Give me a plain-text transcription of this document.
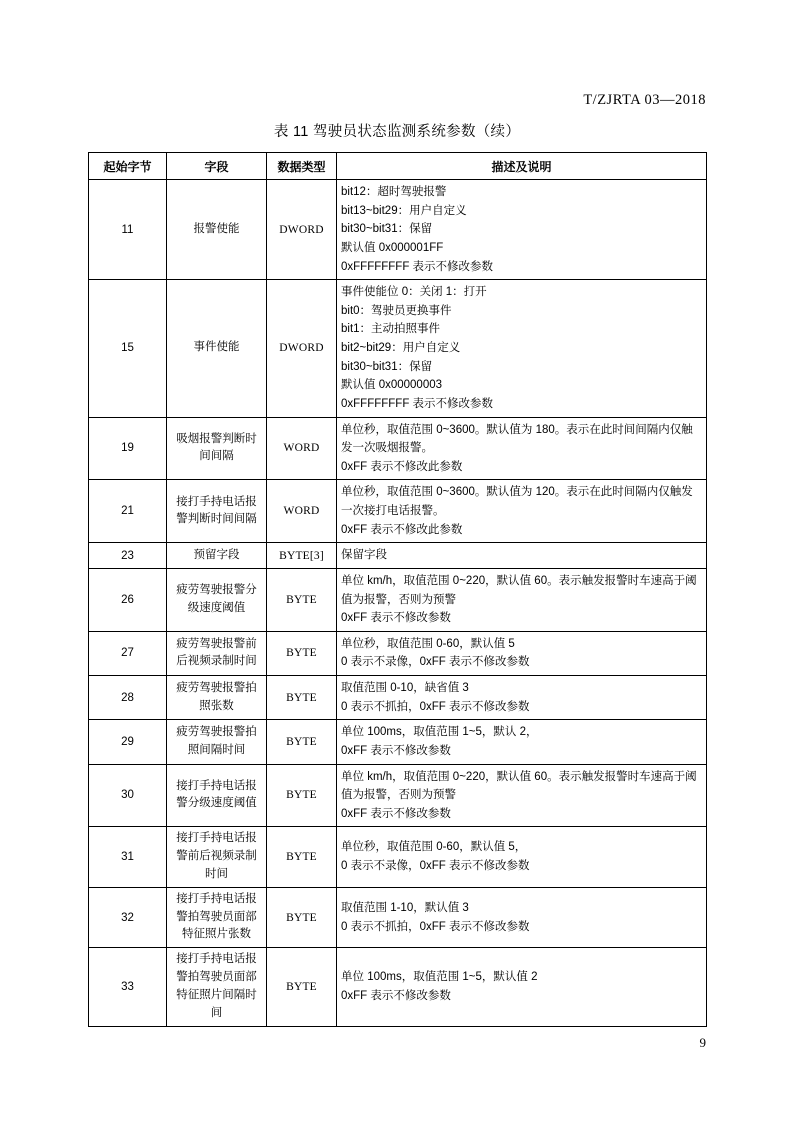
T/ZJRTA 03—2018
表 11 驾驶员状态监测系统参数（续）
起始字节	字段	数据类型	描述及说明
11	报警使能	DWORD	bit12：超时驾驶报警
bit13~bit29：用户自定义
bit30~bit31：保留
默认值 0x000001FF
0xFFFFFFFF 表示不修改参数

15	事件使能	DWORD	
事件使能位 0：关闭 1：打开
bit0：驾驶员更换事件
bit1：主动拍照事件
bit2~bit29：用户自定义
bit30~bit31：保留
默认值 0x00000003
0xFFFFFFFF 表示不修改参数

19	吸烟报警判断时间间隔	WORD	单位秒，取值范围 0~3600。默认值为 180。表示在此时间间隔内仅触发一次吸烟报警。
0xFF 表示不修改此参数

21	接打手持电话报警判断时间间隔	WORD	单位秒，取值范围 0~3600。默认值为 120。表示在此时间隔内仅触发一次接打电话报警。
0xFF 表示不修改此参数

23	预留字段	BYTE[3]	保留字段

26	疲劳驾驶报警分级速度阈值	BYTE	单位 km/h，取值范围 0~220，默认值 60。表示触发报警时车速高于阈值为报警，否则为预警
0xFF 表示不修改参数

27	疲劳驾驶报警前后视频录制时间	BYTE	单位秒，取值范围 0-60，默认值 5
0 表示不录像，0xFF 表示不修改参数

28	疲劳驾驶报警拍照张数	BYTE	取值范围 0-10，缺省值 3
0 表示不抓拍，0xFF 表示不修改参数

29	疲劳驾驶报警拍照间隔时间	BYTE	单位 100ms，取值范围 1~5，默认 2，
0xFF 表示不修改参数

30	接打手持电话报警分级速度阈值	BYTE	单位 km/h，取值范围 0~220，默认值 60。表示触发报警时车速高于阈值为报警，否则为预警
0xFF 表示不修改参数

31	接打手持电话报警前后视频录制时间	BYTE	单位秒，取值范围 0-60，默认值 5，
0 表示不录像，0xFF 表示不修改参数

32	接打手持电话报警拍驾驶员面部特征照片张数	BYTE	取值范围 1-10，默认值 3
0 表示不抓拍，0xFF 表示不修改参数

33	接打手持电话报警拍驾驶员面部特征照片间隔时间	BYTE	单位 100ms，取值范围 1~5，默认值 2
0xFF 表示不修改参数
9
